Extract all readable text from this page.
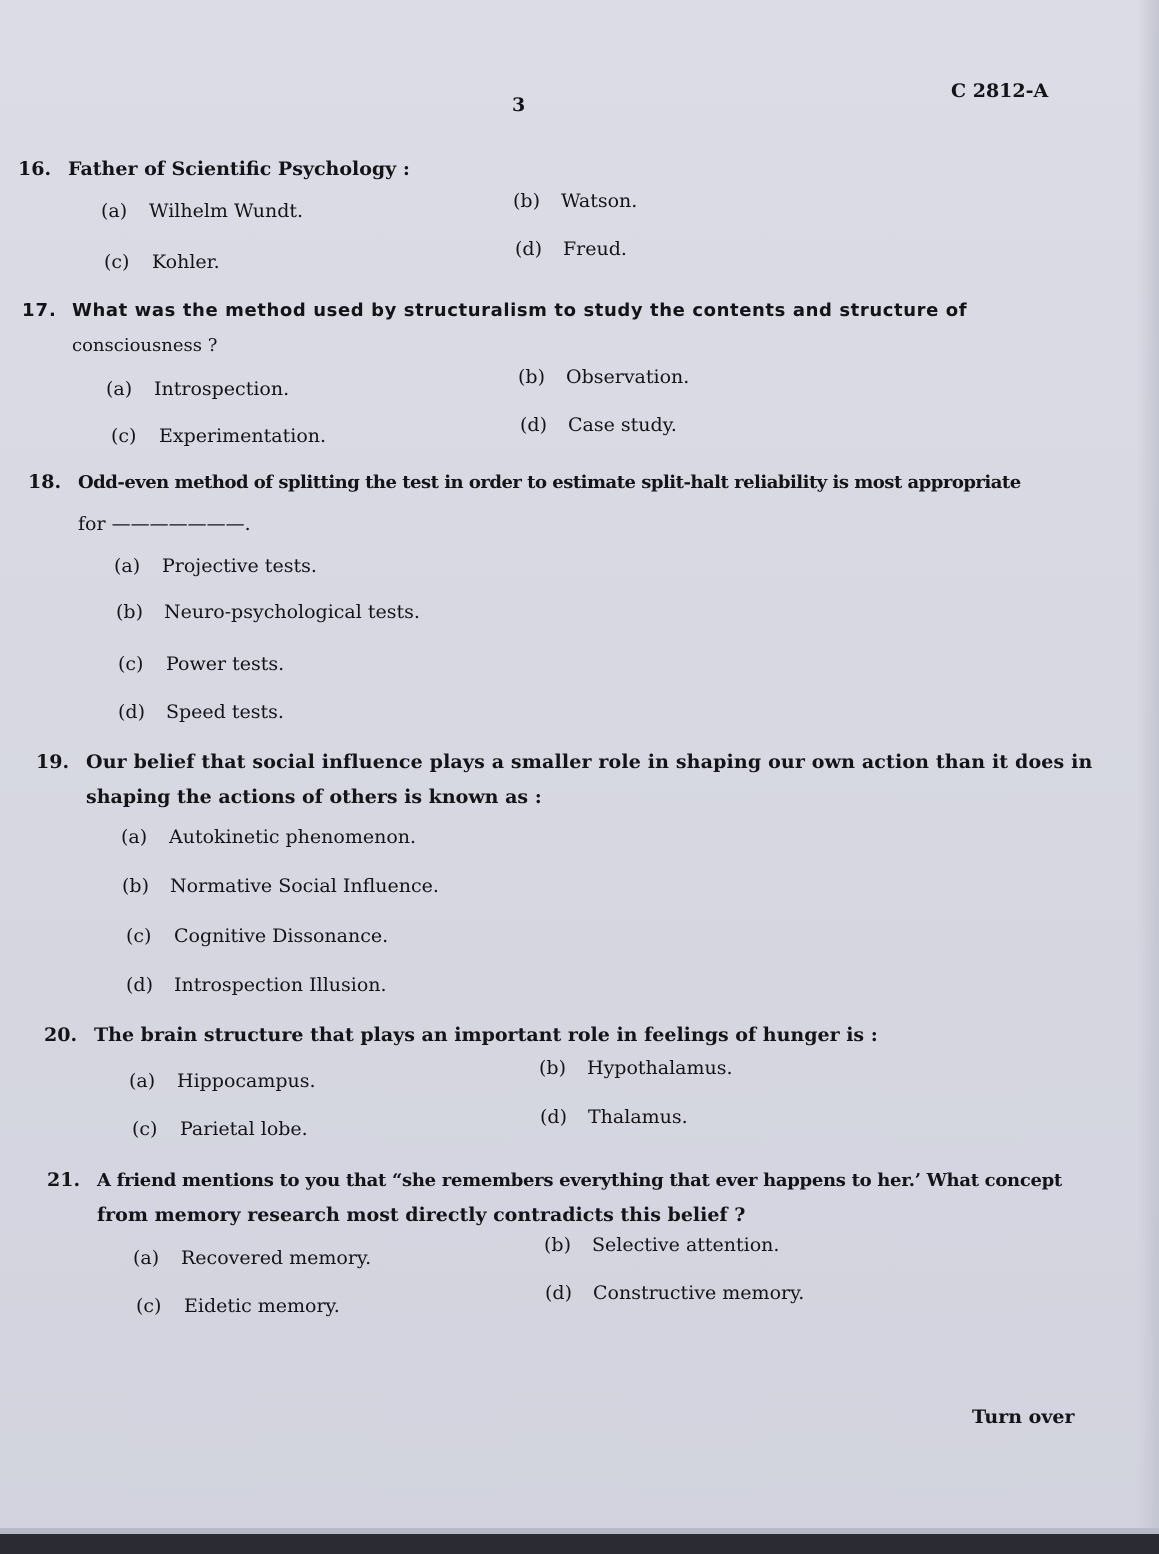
3
C 2812-A
16. Father of Scientific Psychology :
(a) Wilhelm Wundt.	(b) Watson.
(c) Kohler.
(d) Freud.
17. What was the method used by structuralism to study the contents and structure of
consciousness ?
(a) Introspection.
(b) Observation.
(c) Experimentation.	(d) Case study.
18. Odd-even method of splitting the test in order to estimate split-halt reliability is most appropriate
for ———————.
(a) Projective tests.
(b) Neuro-psychological tests.
(c) Power tests.
(d) Speed tests.
19. Our belief that social influence plays a smaller role in shaping our own action than it does in
shaping the actions of others is known as :
(a) Autokinetic phenomenon.
(b) Normative Social Influence.
(c) Cognitive Dissonance.
(d) Introspection Illusion.
20. The brain structure that plays an important role in feelings of hunger is :
(a) Hippocampus.
(b) Hypothalamus.
(c) Parietal lobe.
(d) Thalamus.
21. A friend mentions to you that “she remembers everything that ever happens to her.’ What concept
from memory research most directly contradicts this belief ?
(a) Recovered memory.
(b) Selective attention.
(c) Eidetic memory.
(d) Constructive memory.
Turn over
